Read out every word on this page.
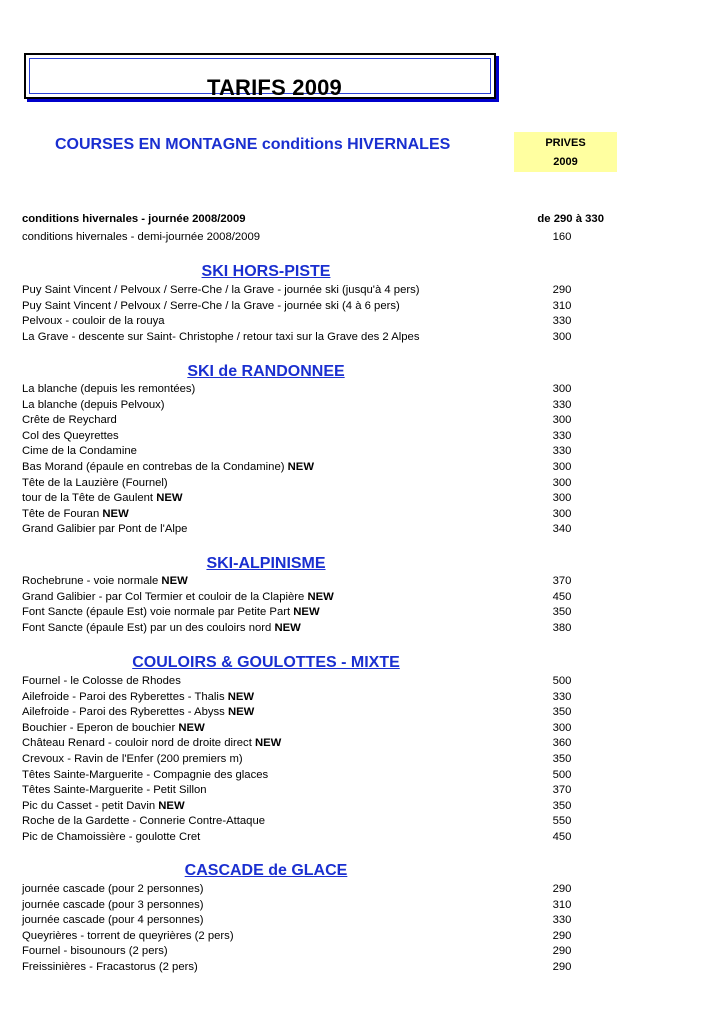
TARIFS 2009
COURSES EN MONTAGNE conditions HIVERNALES	PRIVES
2009
conditions hivernales - journée 2008/2009	de 290 à 330
conditions hivernales - demi-journée 2008/2009	160
SKI HORS-PISTE
Puy Saint Vincent / Pelvoux / Serre-Che / la Grave - journée ski (jusqu'à 4 pers)	290
Puy Saint Vincent / Pelvoux / Serre-Che / la Grave - journée ski (4 à 6 pers)	310
Pelvoux - couloir de la rouya	330
La Grave - descente sur Saint- Christophe / retour taxi sur la Grave des 2 Alpes	300
SKI de RANDONNEE
La blanche (depuis les remontées)	300
La blanche (depuis Pelvoux)	330
Crête de Reychard	300
Col des Queyrettes	330
Cime de la Condamine	330
Bas Morand (épaule en contrebas de la Condamine) NEW	300
Tête de la Lauzière (Fournel)	300
tour de la Tête de Gaulent NEW	300
Tête de Fouran NEW	300
Grand Galibier par Pont de l'Alpe	340
SKI-ALPINISME
Rochebrune - voie normale NEW	370
Grand Galibier - par Col Termier et couloir de la Clapière NEW	450
Font Sancte (épaule Est) voie normale par Petite Part NEW	350
Font Sancte (épaule Est) par un des couloirs nord NEW	380
COULOIRS & GOULOTTES - MIXTE
Fournel - le Colosse de Rhodes	500
Ailefroide - Paroi des Ryberettes - Thalis NEW	330
Ailefroide - Paroi des Ryberettes - Abyss NEW	350
Bouchier - Eperon de bouchier NEW	300
Château Renard - couloir nord de droite direct NEW	360
Crevoux - Ravin de l'Enfer (200 premiers m)	350
Têtes Sainte-Marguerite - Compagnie des glaces	500
Têtes Sainte-Marguerite - Petit Sillon	370
Pic du Casset - petit Davin NEW	350
Roche de la Gardette - Connerie Contre-Attaque	550
Pic de Chamoissière - goulotte Cret	450
CASCADE de GLACE
journée cascade (pour 2 personnes)	290
journée cascade (pour 3 personnes)	310
journée cascade (pour 4 personnes)	330
Queyrières - torrent de queyrières (2 pers)	290
Fournel - bisounours (2 pers)	290
Freissinières - Fracastorus (2 pers)	290
